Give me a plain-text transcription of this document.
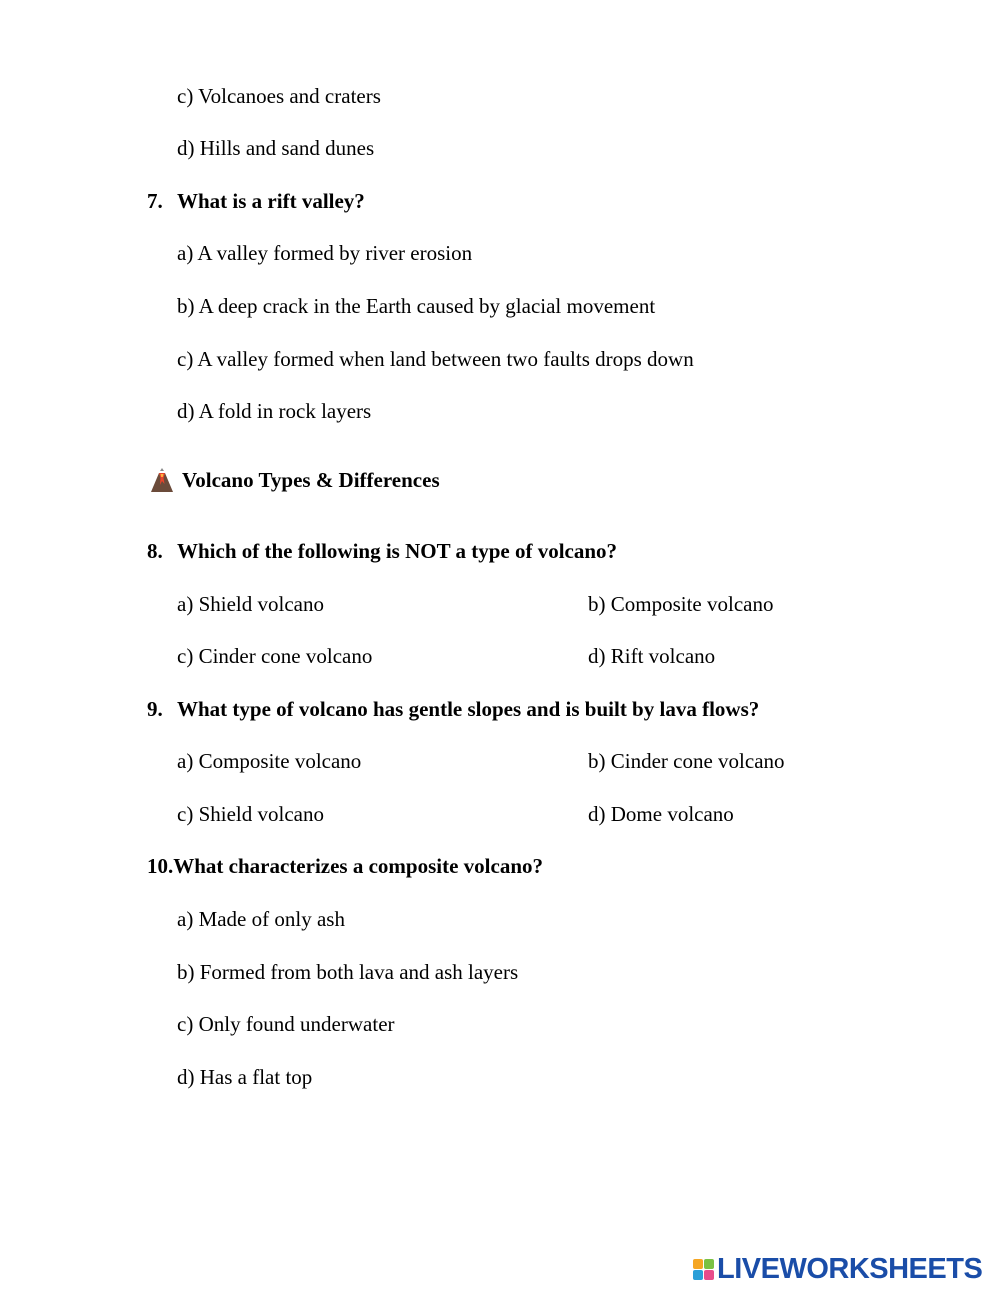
c) Volcanoes and craters
d) Hills and sand dunes
7. What is a rift valley?
a) A valley formed by river erosion
b) A deep crack in the Earth caused by glacial movement
c) A valley formed when land between two faults drops down
d) A fold in rock layers
Volcano Types & Differences
8. Which of the following is NOT a type of volcano?
a) Shield volcano	b) Composite volcano
c) Cinder cone volcano	d) Rift volcano
9. What type of volcano has gentle slopes and is built by lava flows?
a) Composite volcano	b) Cinder cone volcano
c) Shield volcano	d) Dome volcano
10.What characterizes a composite volcano?
a) Made of only ash
b) Formed from both lava and ash layers
c) Only found underwater
d) Has a flat top
LIVEWORKSHEETS
